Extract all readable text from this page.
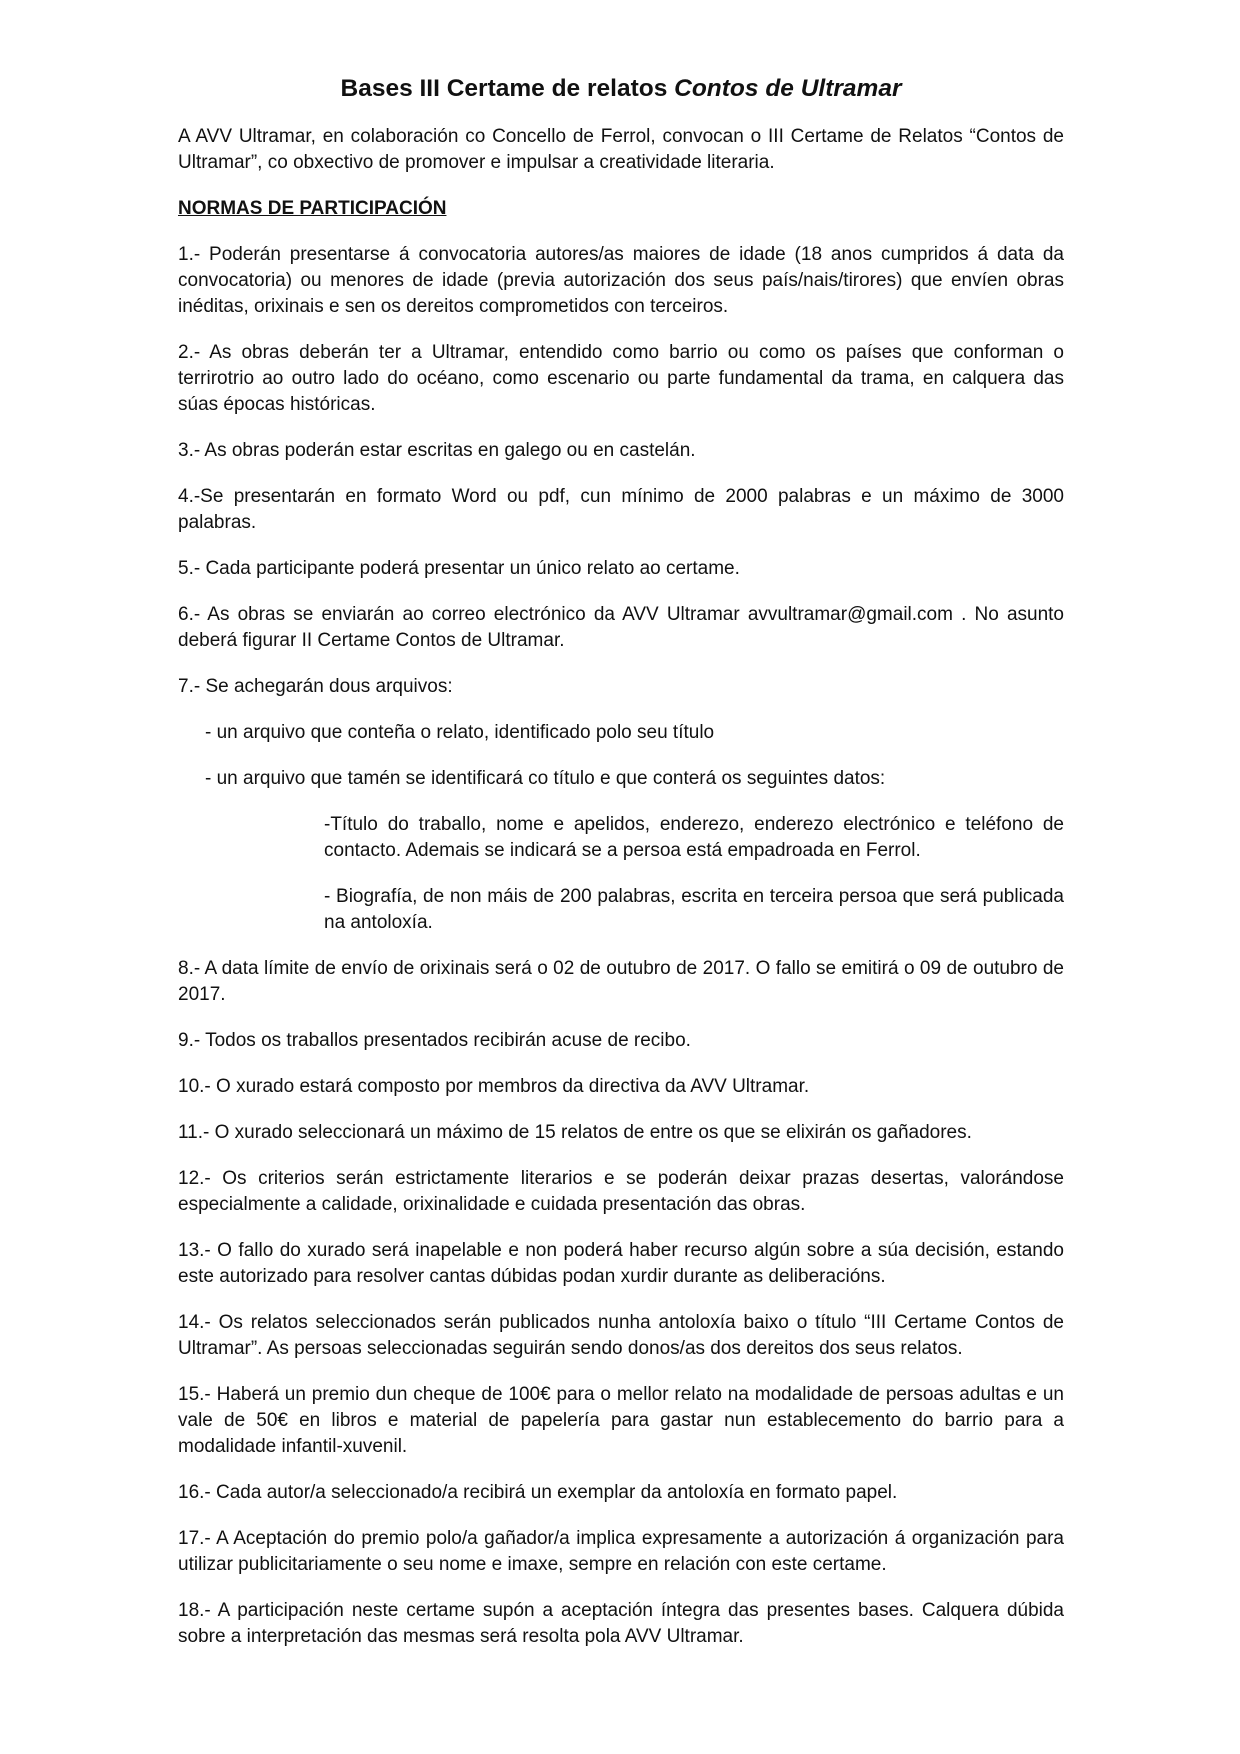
Bases III Certame de relatos Contos de Ultramar

A AVV Ultramar, en colaboración co Concello de Ferrol, convocan o III Certame de Relatos “Contos de Ultramar”, co obxectivo de promover e impulsar a creatividade literaria.

NORMAS DE PARTICIPACIÓN

1.- Poderán presentarse á convocatoria autores/as maiores de idade (18 anos cumpridos á data da convocatoria) ou menores de idade (previa autorización dos seus país/nais/tirores) que envíen obras inéditas, orixinais e sen os dereitos comprometidos con terceiros.

2.- As obras deberán ter a Ultramar, entendido como barrio ou como os países que conforman o terrirotrio ao outro lado do océano, como escenario ou parte fundamental da trama, en calquera das súas épocas históricas.

3.- As obras poderán estar escritas en galego ou en castelán.

4.-Se presentarán en formato Word ou pdf, cun mínimo de 2000 palabras e un máximo de 3000 palabras.

5.- Cada participante poderá presentar un único relato ao certame.

6.- As obras se enviarán ao correo electrónico da AVV Ultramar avvultramar@gmail.com . No asunto deberá figurar II Certame Contos de Ultramar.

7.- Se achegarán dous arquivos:

- un arquivo que conteña o relato, identificado polo seu título

- un arquivo que tamén se identificará co título e que conterá os seguintes datos:

-Título do traballo, nome e apelidos, enderezo, enderezo electrónico e teléfono de contacto. Ademais se indicará se a persoa está empadroada en Ferrol.

- Biografía, de non máis de 200 palabras, escrita en terceira persoa que será publicada na antoloxía.

8.- A data límite de envío de orixinais será o 02 de outubro de 2017. O fallo se emitirá o 09 de outubro de 2017.

9.- Todos os traballos presentados recibirán acuse de recibo.

10.- O xurado estará composto por membros da directiva da AVV Ultramar.

11.- O xurado seleccionará un máximo de 15 relatos de entre os que se elixirán os gañadores.

12.- Os criterios serán estrictamente literarios e se poderán deixar prazas desertas, valorándose especialmente a calidade, orixinalidade e cuidada presentación das obras.

13.- O fallo do xurado será inapelable e non poderá haber recurso algún sobre a súa decisión, estando este autorizado para resolver cantas dúbidas podan xurdir durante as deliberacións.

14.- Os relatos seleccionados serán publicados nunha antoloxía baixo o título “III Certame Contos de Ultramar”. As persoas seleccionadas seguirán sendo donos/as dos dereitos dos seus relatos.

15.- Haberá un premio dun cheque de 100€ para o mellor relato na modalidade de persoas adultas e un vale de 50€ en libros e material de papelería para gastar nun establecemento do barrio para a modalidade infantil-xuvenil.

16.- Cada autor/a seleccionado/a recibirá un exemplar da antoloxía en formato papel.

17.- A Aceptación do premio polo/a gañador/a implica expresamente a autorización á organización para utilizar publicitariamente o seu nome e imaxe, sempre en relación con este certame.

18.- A participación neste certame supón a aceptación íntegra das presentes bases. Calquera dúbida sobre a interpretación das mesmas será resolta pola AVV Ultramar.
